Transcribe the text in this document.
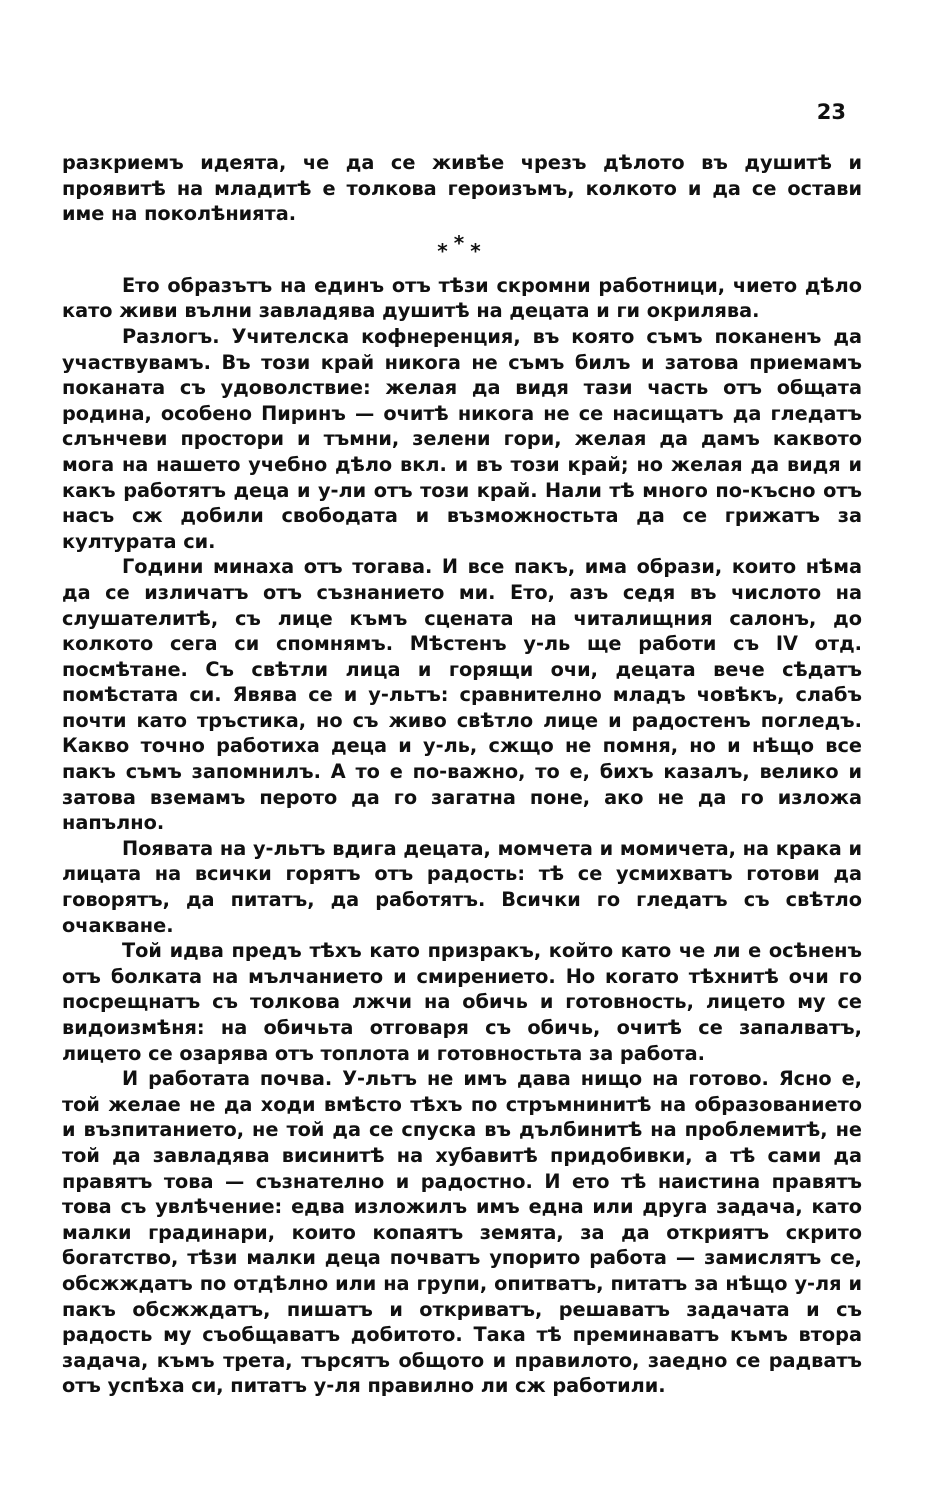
23

разкриемъ идеята, че да се живѣе чрезъ дѣлото въ душитѣ и проявитѣ на младитѣ е толкова героизъмъ, колкото и да се остави име на поколѣнията.

***

Ето образътъ на единъ отъ тѣзи скромни работници, чието дѣло като живи вълни завладява душитѣ на децата и ги окрилява.

Разлогъ. Учителска кофнеренция, въ която съмъ поканенъ да участвувамъ. Въ този край никога не съмъ билъ и затова приемамъ поканата съ удоволствие: желая да видя тази часть отъ общата родина, особено Пиринъ — очитѣ никога не се насищатъ да гледатъ слънчеви простори и тъмни, зелени гори, желая да дамъ каквото мога на нашето учебно дѣло вкл. и въ този край; но желая да видя и какъ работятъ деца и у-ли отъ този край. Нали тѣ много по-късно отъ насъ сж добили свободата и възможностьта да се грижатъ за културата си.

Години минаха отъ тогава. И все пакъ, има образи, които нѣма да се изличатъ отъ съзнанието ми. Ето, азъ седя въ числото на слушателитѣ, съ лице къмъ сцената на читалищния салонъ, до колкото сега си спомнямъ. Мѣстенъ у-ль ще работи съ IV отд. посмѣтане. Съ свѣтли лица и горящи очи, децата вече сѣдатъ помѣстата си. Явява се и у-льтъ: сравнително младъ човѣкъ, слабъ почти като тръстика, но съ живо свѣтло лице и радостенъ погледъ. Какво точно работиха деца и у-ль, сжщо не помня, но и нѣщо все пакъ съмъ запомнилъ. А то е по-важно, то е, бихъ казалъ, велико и затова вземамъ перото да го загатна поне, ако не да го изложа напълно.

Появата на у-льтъ вдига децата, момчета и момичета, на крака и лицата на всички горятъ отъ радость: тѣ се усмихватъ готови да говорятъ, да питатъ, да работятъ. Всички го гледатъ съ свѣтло очакване.

Той идва предъ тѣхъ като призракъ, който като че ли е осѣненъ отъ болката на мълчанието и смирението. Но когато тѣхнитѣ очи го посрещнатъ съ толкова лжчи на обичь и готовность, лицето му се видоизмѣня: на обичьта отговаря съ обичь, очитѣ се запалватъ, лицето се озарява отъ топлота и готовностьта за работа.

И работата почва. У-льтъ не имъ дава нищо на готово. Ясно е, той желае не да ходи вмѣсто тѣхъ по стръмнинитѣ на образованието и възпитанието, не той да се спуска въ дълбинитѣ на проблемитѣ, не той да завладява висинитѣ на хубавитѣ придобивки, а тѣ сами да правятъ това — съзнателно и радостно. И ето тѣ наистина правятъ това съ увлѣчение: едва изложилъ имъ една или друга задача, като малки градинари, които копаятъ земята, за да откриятъ скрито богатство, тѣзи малки деца почватъ упорито работа — замислятъ се, обсжждатъ по отдѣлно или на групи, опитватъ, питатъ за нѣщо у-ля и пакъ обсжждатъ, пишатъ и откриватъ, решаватъ задачата и съ радость му съобщаватъ добитото. Така тѣ преминаватъ къмъ втора задача, къмъ трета, търсятъ общото и правилото, заедно се радватъ отъ успѣха си, питатъ у-ля правилно ли сж работили.
